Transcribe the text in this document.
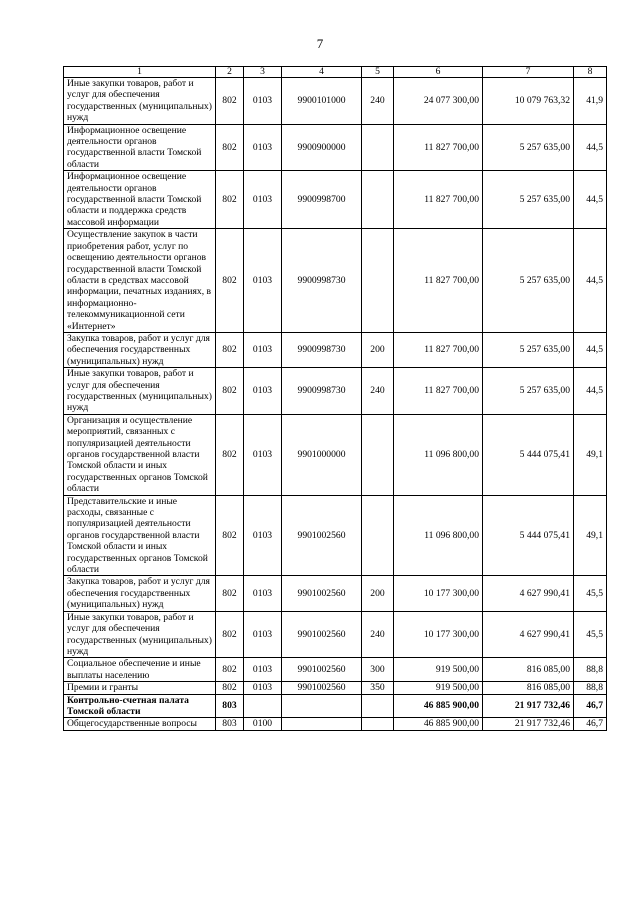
7
1	2	3	4	5	6	7	8
Иные закупки товаров, работ и услуг для обеспечения государственных (муниципальных) нужд	802	0103	9900101000	240	24 077 300,00	10 079 763,32	41,9
Информационное освещение деятельности органов государственной власти Томской области	802	0103	9900900000		11 827 700,00	5 257 635,00	44,5
Информационное освещение деятельности органов государственной власти Томской области и поддержка средств массовой информации	802	0103	9900998700		11 827 700,00	5 257 635,00	44,5
Осуществление закупок в части приобретения работ, услуг по освещению деятельности органов государственной власти Томской области в средствах массовой информации, печатных изданиях, в информационно-телекоммуникационной сети «Интернет»	802	0103	9900998730		11 827 700,00	5 257 635,00	44,5
Закупка товаров, работ и услуг для обеспечения государственных (муниципальных) нужд	802	0103	9900998730	200	11 827 700,00	5 257 635,00	44,5
Иные закупки товаров, работ и услуг для обеспечения государственных (муниципальных) нужд	802	0103	9900998730	240	11 827 700,00	5 257 635,00	44,5
Организация и осуществление мероприятий, связанных с популяризацией деятельности органов государственной власти Томской области и иных государственных органов Томской области	802	0103	9901000000		11 096 800,00	5 444 075,41	49,1
Представительские и иные расходы, связанные с популяризацией деятельности органов государственной власти Томской области и иных государственных органов Томской области	802	0103	9901002560		11 096 800,00	5 444 075,41	49,1
Закупка товаров, работ и услуг для обеспечения государственных (муниципальных) нужд	802	0103	9901002560	200	10 177 300,00	4 627 990,41	45,5
Иные закупки товаров, работ и услуг для обеспечения государственных (муниципальных) нужд	802	0103	9901002560	240	10 177 300,00	4 627 990,41	45,5
Социальное обеспечение и иные выплаты населению	802	0103	9901002560	300	919 500,00	816 085,00	88,8
Премии и гранты	802	0103	9901002560	350	919 500,00	816 085,00	88,8
Контрольно-счетная палата Томской области	803				46 885 900,00	21 917 732,46	46,7
Общегосударственные вопросы	803	0100			46 885 900,00	21 917 732,46	46,7
